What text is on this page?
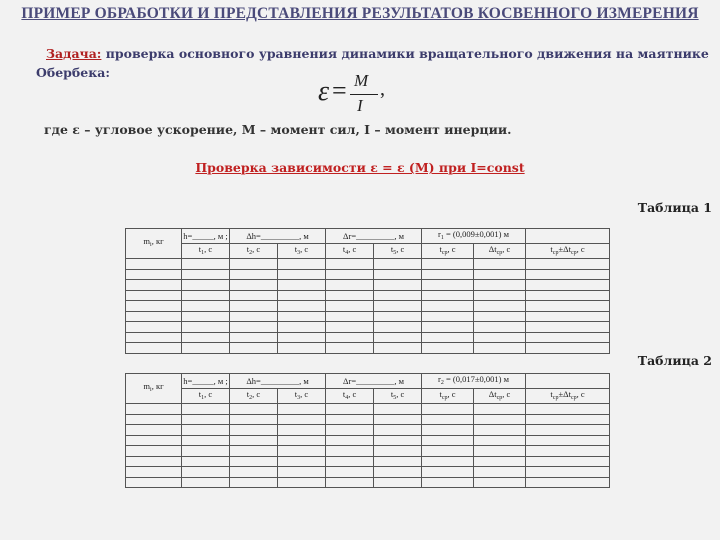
ПРИМЕР ОБРАБОТКИ И ПРЕДСТАВЛЕНИЯ РЕЗУЛЬТАТОВ КОСВЕННОГО ИЗМЕРЕНИЯ
Задача: проверка основного уравнения динамики вращательного движения на маятнике
Обербека:
ε = M
I
,
где ε – угловое ускорение, M – момент сил, I – момент инерции.
Проверка зависимости ε = ε (M) при I=const
Таблица 1
$m_i$, кг	h=_____, м ;	Δh=_________, м		Δr=_________, м		$r_1 = (0,009\pm 0,001)$ м		
	$t_1$, с	$t_2$, с	$t_3$, с	$t_4$, с	$t_5$, с	$t_{ср}$, с	$\Delta t_{ср}$, с	$t_{ср}\pm\Delta t_{ср}$, с

Таблица 2
$m_i$, кг	h=_____, м ;	Δh=_________, м		Δr=_________, м		$r_2 = (0,017\pm 0,001)$ м		
	$t_1$, с	$t_2$, с	$t_3$, с	$t_4$, с	$t_5$, с	$t_{ср}$, с	$\Delta t_{ср}$, с	$t_{ср}\pm\Delta t_{ср}$, с
